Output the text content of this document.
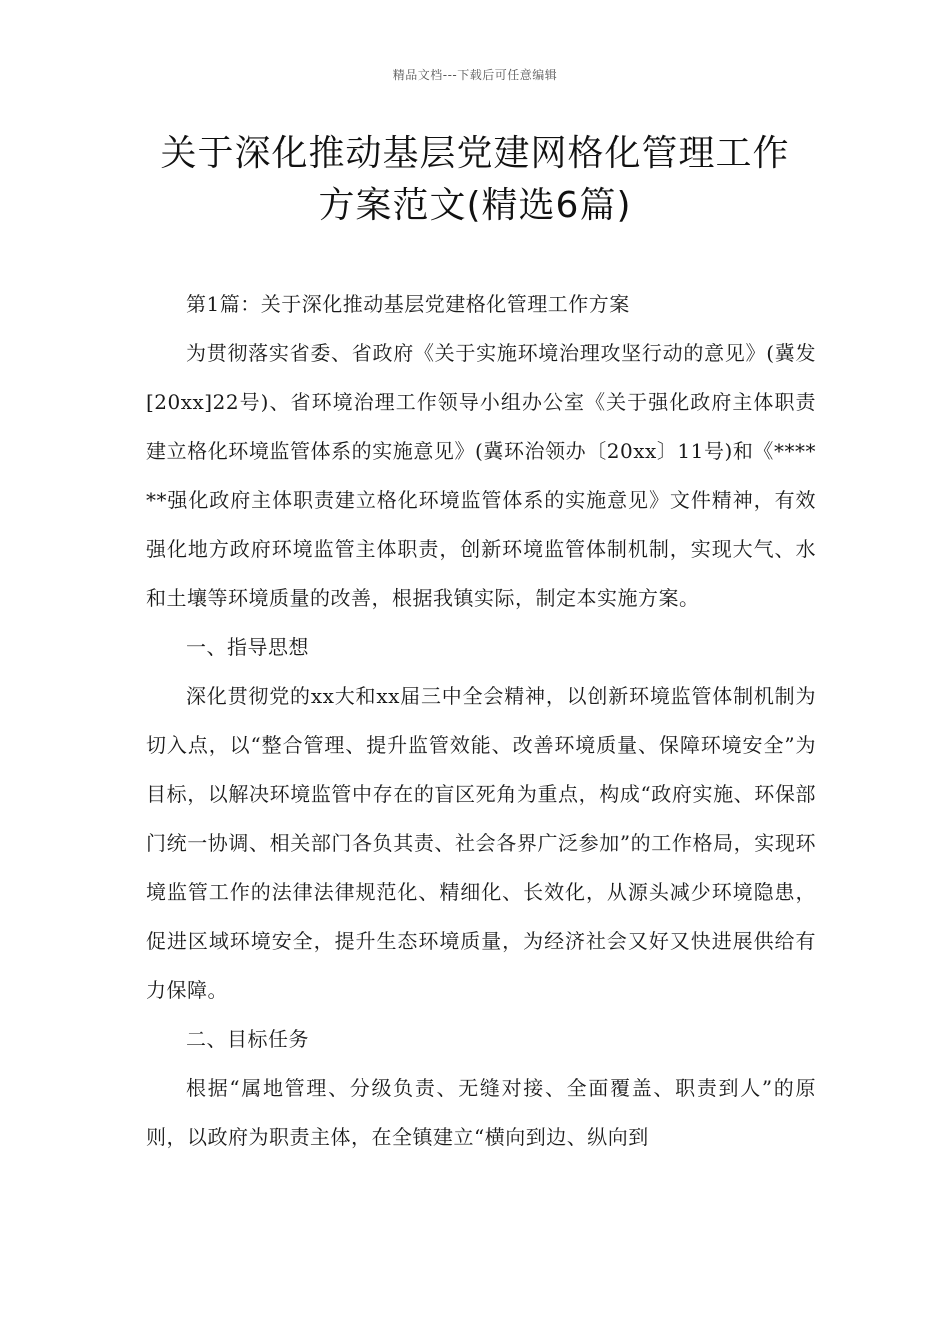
精品文档---下载后可任意编辑
关于深化推动基层党建网格化管理工作
方案范文(精选6篇)

第1篇：关于深化推动基层党建格化管理工作方案

为贯彻落实省委、省政府《关于实施环境治理攻坚行动的意见》(冀发[20xx]22号)、省环境治理工作领导小组办公室《关于强化政府主体职责建立格化环境监管体系的实施意见》(冀环治领办〔20xx〕11号)和《******强化政府主体职责建立格化环境监管体系的实施意见》文件精神，有效强化地方政府环境监管主体职责，创新环境监管体制机制，实现大气、水和土壤等环境质量的改善，根据我镇实际，制定本实施方案。

一、指导思想

深化贯彻党的xx大和xx届三中全会精神，以创新环境监管体制机制为切入点，以“整合管理、提升监管效能、改善环境质量、保障环境安全”为目标，以解决环境监管中存在的盲区死角为重点，构成“政府实施、环保部门统一协调、相关部门各负其责、社会各界广泛参加”的工作格局，实现环境监管工作的法律法律规范化、精细化、长效化，从源头减少环境隐患，促进区域环境安全，提升生态环境质量，为经济社会又好又快进展供给有力保障。

二、目标任务

根据“属地管理、分级负责、无缝对接、全面覆盖、职责到人”的原则，以政府为职责主体，在全镇建立“横向到边、纵向到
